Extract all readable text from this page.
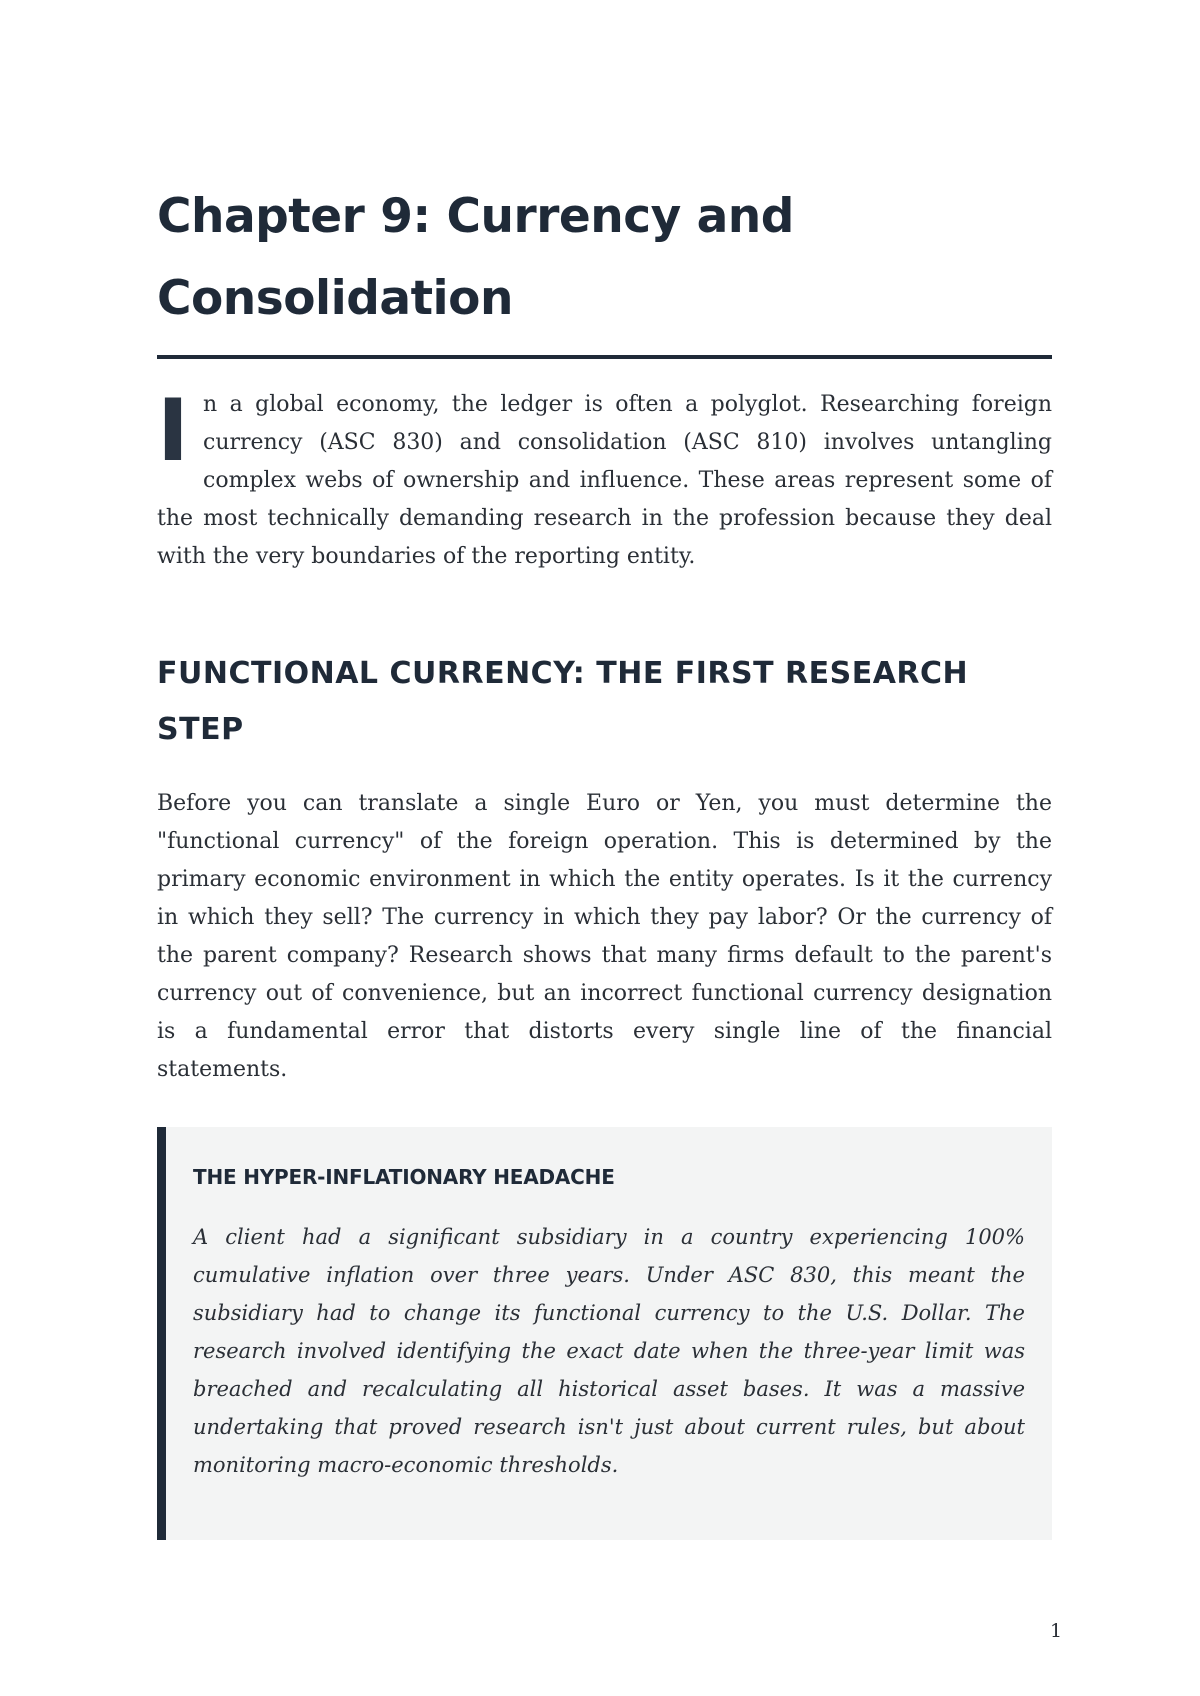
Chapter 9: Currency and Consolidation

In a global economy, the ledger is often a polyglot. Researching foreign currency (ASC 830) and consolidation (ASC 810) involves untangling complex webs of ownership and influence. These areas represent some of the most technically demanding research in the profession because they deal with the very boundaries of the reporting entity.

FUNCTIONAL CURRENCY: THE FIRST RESEARCH STEP

Before you can translate a single Euro or Yen, you must determine the "functional currency" of the foreign operation. This is determined by the primary economic environment in which the entity operates. Is it the currency in which they sell? The currency in which they pay labor? Or the currency of the parent company? Research shows that many firms default to the parent's currency out of convenience, but an incorrect functional currency designation is a fundamental error that distorts every single line of the financial statements.

THE HYPER-INFLATIONARY HEADACHE

A client had a significant subsidiary in a country experiencing 100% cumulative inflation over three years. Under ASC 830, this meant the subsidiary had to change its functional currency to the U.S. Dollar. The research involved identifying the exact date when the three-year limit was breached and recalculating all historical asset bases. It was a massive undertaking that proved research isn't just about current rules, but about monitoring macro-economic thresholds.

1
